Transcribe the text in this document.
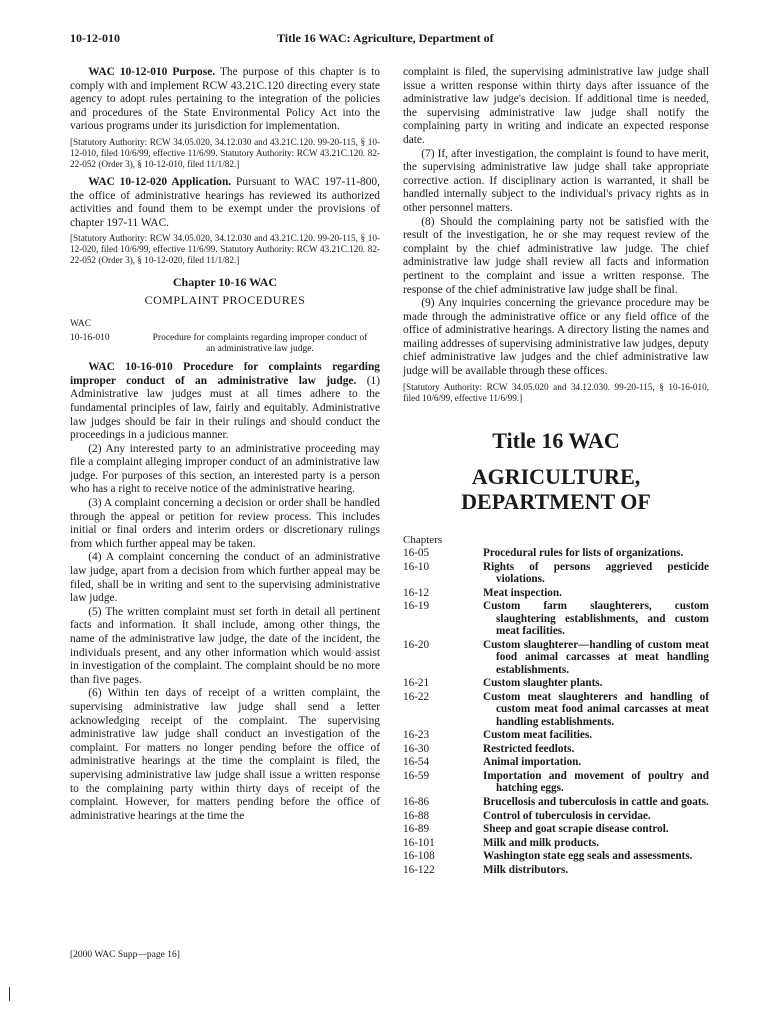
10-12-010	Title 16 WAC: Agriculture, Department of

WAC 10-12-010 Purpose. The purpose of this chapter is to comply with and implement RCW 43.21C.120 directing every state agency to adopt rules pertaining to the integration of the policies and procedures of the State Environmental Policy Act into the various programs under its jurisdiction for implementation.

[Statutory Authority: RCW 34.05.020, 34.12.030 and 43.21C.120. 99-20-115, § 10-12-010, filed 10/6/99, effective 11/6/99. Statutory Authority: RCW 43.21C.120. 82-22-052 (Order 3), § 10-12-010, filed 11/1/82.]

WAC 10-12-020 Application. Pursuant to WAC 197-11-800, the office of administrative hearings has reviewed its authorized activities and found them to be exempt under the provisions of chapter 197-11 WAC.

[Statutory Authority: RCW 34.05.020, 34.12.030 and 43.21C.120. 99-20-115, § 10-12-020, filed 10/6/99, effective 11/6/99. Statutory Authority: RCW 43.21C.120. 82-22-052 (Order 3), § 10-12-020, filed 11/1/82.]

Chapter 10-16 WAC
COMPLAINT PROCEDURES
WAC
10-16-010	Procedure for complaints regarding improper conduct of an administrative law judge.

WAC 10-16-010 Procedure for complaints regarding improper conduct of an administrative law judge. (1) Administrative law judges must at all times adhere to the fundamental principles of law, fairly and equitably. Administrative law judges should be fair in their rulings and should conduct the proceedings in a judicious manner.

(2) Any interested party to an administrative proceeding may file a complaint alleging improper conduct of an administrative law judge. For purposes of this section, an interested party is a person who has a right to receive notice of the administrative hearing.

(3) A complaint concerning a decision or order shall be handled through the appeal or petition for review process. This includes initial or final orders and interim orders or discretionary rulings from which further appeal may be taken.

(4) A complaint concerning the conduct of an administrative law judge, apart from a decision from which further appeal may be filed, shall be in writing and sent to the supervising administrative law judge.

(5) The written complaint must set forth in detail all pertinent facts and information. It shall include, among other things, the name of the administrative law judge, the date of the incident, the individuals present, and any other information which would assist in investigation of the complaint. The complaint should be no more than five pages.

(6) Within ten days of receipt of a written complaint, the supervising administrative law judge shall send a letter acknowledging receipt of the complaint. The supervising administrative law judge shall conduct an investigation of the complaint. For matters no longer pending before the office of administrative hearings at the time the complaint is filed, the supervising administrative law judge shall issue a written response to the complaining party within thirty days of receipt of the complaint. However, for matters pending before the office of administrative hearings at the time the

complaint is filed, the supervising administrative law judge shall issue a written response within thirty days after issuance of the administrative law judge's decision. If additional time is needed, the supervising administrative law judge shall notify the complaining party in writing and indicate an expected response date.

(7) If, after investigation, the complaint is found to have merit, the supervising administrative law judge shall take appropriate corrective action. If disciplinary action is warranted, it shall be handled internally subject to the individual's privacy rights as in other personnel matters.

(8) Should the complaining party not be satisfied with the result of the investigation, he or she may request review of the complaint by the chief administrative law judge. The chief administrative law judge shall review all facts and information pertinent to the complaint and issue a written response. The response of the chief administrative law judge shall be final.

(9) Any inquiries concerning the grievance procedure may be made through the administrative office or any field office of the office of administrative hearings. A directory listing the names and mailing addresses of supervising administrative law judges, deputy chief administrative law judges and the chief administrative law judge will be available through these offices.

[Statutory Authority: RCW 34.05.020 and 34.12.030. 99-20-115, § 10-16-010, filed 10/6/99, effective 11/6/99.]

Title 16 WAC
AGRICULTURE,
DEPARTMENT OF
Chapters
16-05	Procedural rules for lists of organizations.
16-10	Rights of persons aggrieved pesticide violations.
16-12	Meat inspection.
16-19	Custom farm slaughterers, custom slaughtering establishments, and custom meat facilities.
16-20	Custom slaughterer—handling of custom meat food animal carcasses at meat handling establishments.
16-21	Custom slaughter plants.
16-22	Custom meat slaughterers and handling of custom meat food animal carcasses at meat handling establishments.
16-23	Custom meat facilities.
16-30	Restricted feedlots.
16-54	Animal importation.
16-59	Importation and movement of poultry and hatching eggs.
16-86	Brucellosis and tuberculosis in cattle and goats.
16-88	Control of tuberculosis in cervidae.
16-89	Sheep and goat scrapie disease control.
16-101	Milk and milk products.
16-108	Washington state egg seals and assessments.
16-122	Milk distributors.
[2000 WAC Supp—page 16]
